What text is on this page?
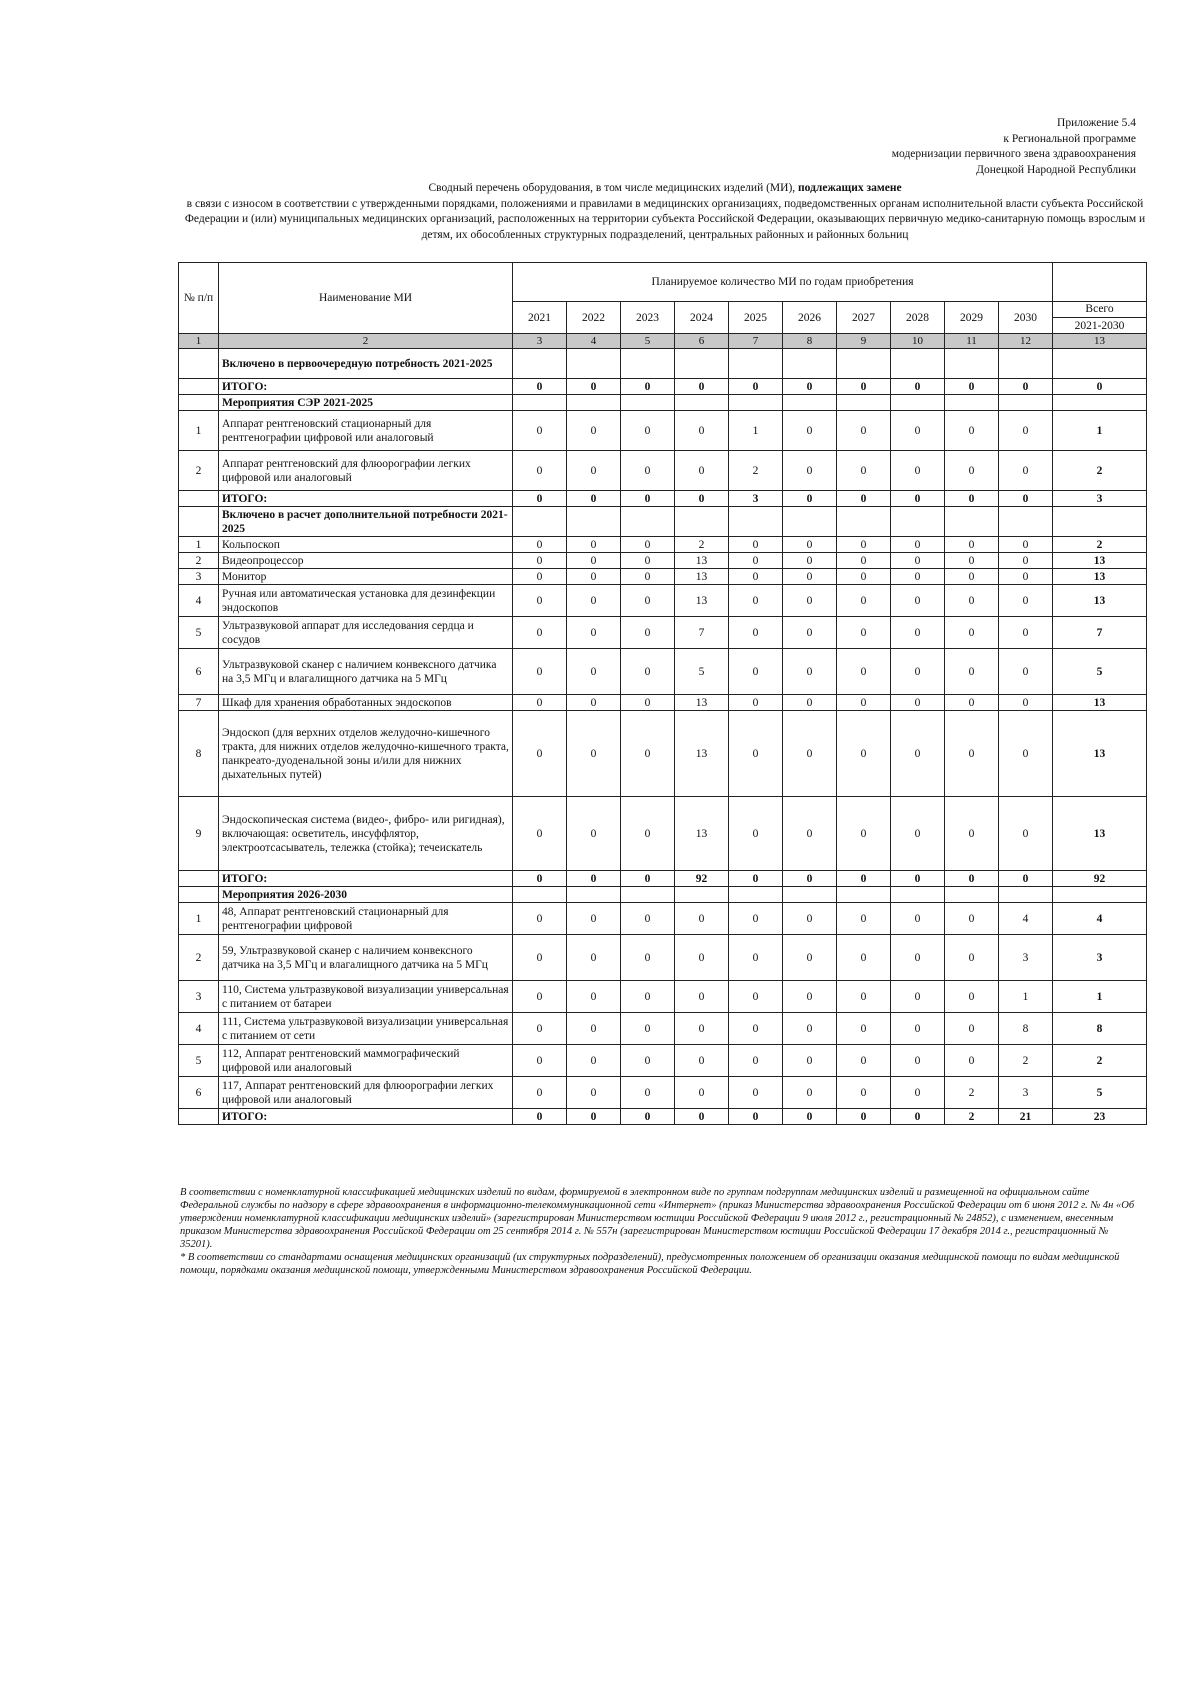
Приложение 5.4
к Региональной программе
модернизации первичного звена здравоохранения
Донецкой Народной Республики
Сводный перечень оборудования, в том числе медицинских изделий (МИ), подлежащих замене
в связи с износом в соответствии с утвержденными порядками, положениями и правилами в медицинских организациях, подведомственных органам исполнительной власти субъекта Российской Федерации и (или) муниципальных медицинских организаций, расположенных на территории субъекта Российской Федерации, оказывающих первичную медико-санитарную помощь взрослым и детям, их обособленных структурных подразделений, центральных районных и районных больниц
№ п/п	Наименование МИ	Планируемое количество МИ по годам приобретения										
		2021	2022	2023	2024	2025	2026	2027	2028	2029	2030	Всего
2021-2030

1	2	3	4	5	6	7	8	9	10	11	12	13
	Включено в первоочередную потребность 2021-2025											
	ИТОГО:	0	0	0	0	0	0	0	0	0	0	0
	Мероприятия СЭР 2021-2025											
1	Аппарат рентгеновский стационарный для рентгенографии цифровой или аналоговый	0	0	0	0	1	0	0	0	0	0	1
2	Аппарат рентгеновский для флюорографии легких цифровой или аналоговый	0	0	0	0	2	0	0	0	0	0	2
	ИТОГО:	0	0	0	0	3	0	0	0	0	0	3
	Включено в расчет дополнительной потребности 2021-2025											
1	Кольпоскоп	0	0	0	2	0	0	0	0	0	0	2
2	Видеопроцессор	0	0	0	13	0	0	0	0	0	0	13
3	Монитор	0	0	0	13	0	0	0	0	0	0	13
4	Ручная или автоматическая установка для дезинфекции эндоскопов	0	0	0	13	0	0	0	0	0	0	13
5	Ультразвуковой аппарат для исследования сердца и сосудов	0	0	0	7	0	0	0	0	0	0	7
6	Ультразвуковой сканер с наличием конвексного датчика на 3,5 МГц и влагалищного датчика на 5 МГц	0	0	0	5	0	0	0	0	0	0	5
7	Шкаф для хранения обработанных эндоскопов	0	0	0	13	0	0	0	0	0	0	13
8	Эндоскоп (для верхних отделов желудочно-кишечного тракта, для нижних отделов желудочно-кишечного тракта, панкреато-дуоденальной зоны и/или для нижних дыхательных путей)	0	0	0	13	0	0	0	0	0	0	13
9	Эндоскопическая система (видео-, фибро- или ригидная), включающая: осветитель, инсуффлятор, электроотсасыватель, тележка (стойка); течеискатель	0	0	0	13	0	0	0	0	0	0	13
	ИТОГО:	0	0	0	92	0	0	0	0	0	0	92
	Мероприятия 2026-2030											
1	48, Аппарат рентгеновский стационарный для рентгенографии цифровой	0	0	0	0	0	0	0	0	0	4	4
2	59, Ультразвуковой сканер с наличием конвексного датчика на 3,5 МГц и влагалищного датчика на 5 МГц	0	0	0	0	0	0	0	0	0	3	3
3	110, Система ультразвуковой визуализации универсальная с питанием от батареи	0	0	0	0	0	0	0	0	0	1	1
4	111, Система ультразвуковой визуализации универсальная с питанием от сети	0	0	0	0	0	0	0	0	0	8	8
5	112, Аппарат рентгеновский маммографический цифровой или аналоговый	0	0	0	0	0	0	0	0	0	2	2
6	117, Аппарат рентгеновский для флюорографии легких цифровой или аналоговый	0	0	0	0	0	0	0	0	2	3	5
	ИТОГО:	0	0	0	0	0	0	0	0	2	21	23

В соответствии с номенклатурной классификацией медицинских изделий по видам, формируемой в электронном виде по группам подгруппам медицинских изделий и размещенной на официальном сайте Федеральной службы по надзору в сфере здравоохранения в информационно-телекоммуникационной сети «Интернет» (приказ Министерства здравоохранения Российской Федерации от 6 июня 2012 г. № 4н «Об утверждении номенклатурной классификации медицинских изделий» (зарегистрирован Министерством юстиции Российской Федерации 9 июля 2012 г., регистрационный № 24852), с изменением, внесенным приказом Министерства здравоохранения Российской Федерации от 25 сентября 2014 г. № 557н (зарегистрирован Министерством юстиции Российской Федерации 17 декабря 2014 г., регистрационный № 35201).

* В соответствии со стандартами оснащения медицинских организаций (их структурных подразделений), предусмотренных положением об организации оказания медицинской помощи по видам медицинской помощи, порядками оказания медицинской помощи, утвержденными Министерством здравоохранения Российской Федерации.
